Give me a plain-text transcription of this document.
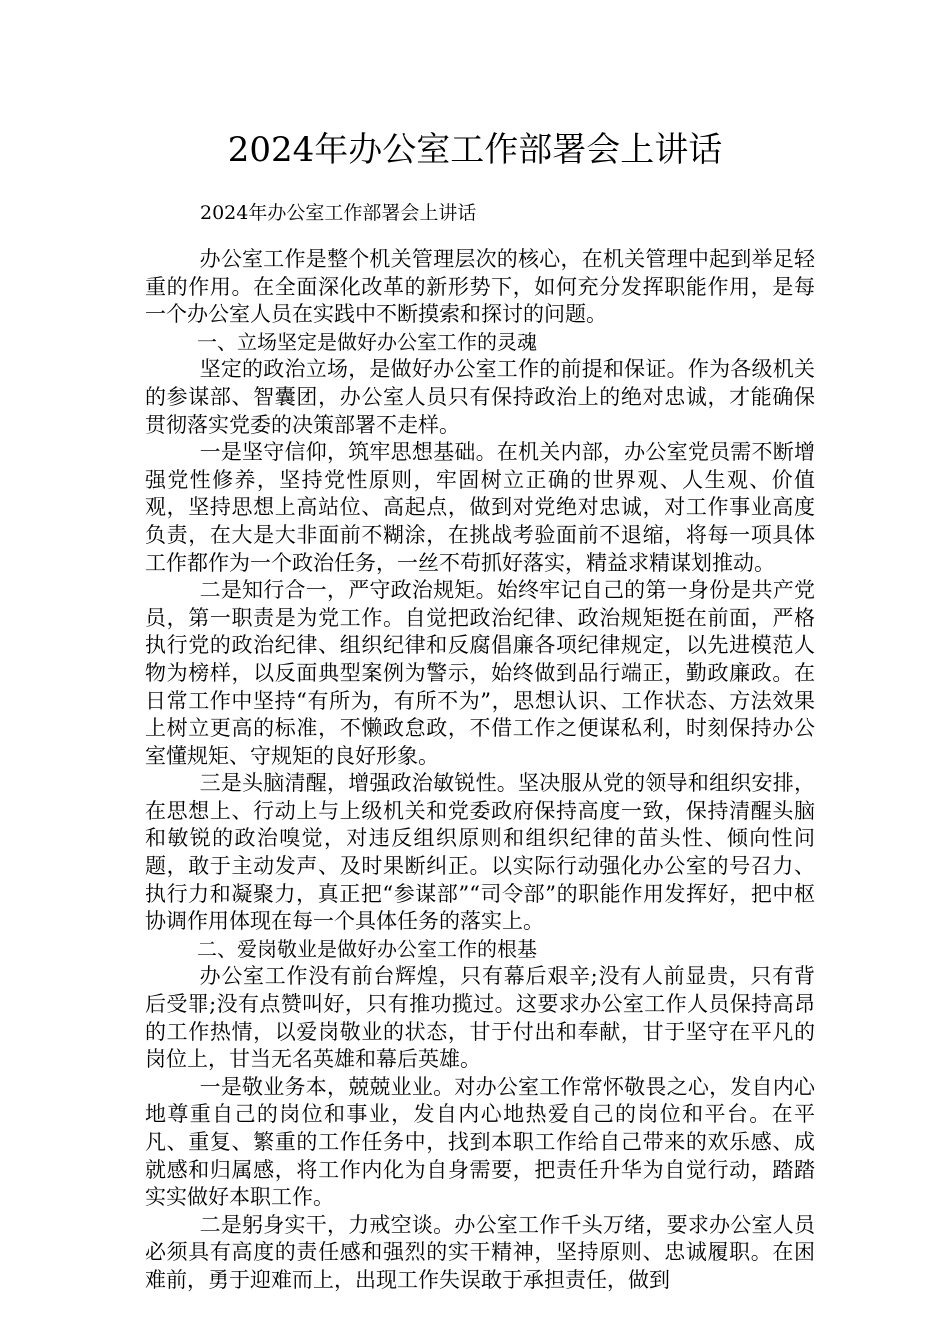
2024年办公室工作部署会上讲话

2024年办公室工作部署会上讲话

办公室工作是整个机关管理层次的核心，在机关管理中起到举足轻重的作用。在全面深化改革的新形势下，如何充分发挥职能作用，是每一个办公室人员在实践中不断摸索和探讨的问题。

一、立场坚定是做好办公室工作的灵魂

坚定的政治立场，是做好办公室工作的前提和保证。作为各级机关的参谋部、智囊团，办公室人员只有保持政治上的绝对忠诚，才能确保贯彻落实党委的决策部署不走样。

一是坚守信仰，筑牢思想基础。在机关内部，办公室党员需不断增强党性修养，坚持党性原则，牢固树立正确的世界观、人生观、价值观，坚持思想上高站位、高起点，做到对党绝对忠诚，对工作事业高度负责，在大是大非面前不糊涂，在挑战考验面前不退缩，将每一项具体工作都作为一个政治任务，一丝不苟抓好落实，精益求精谋划推动。

二是知行合一，严守政治规矩。始终牢记自己的第一身份是共产党员，第一职责是为党工作。自觉把政治纪律、政治规矩挺在前面，严格执行党的政治纪律、组织纪律和反腐倡廉各项纪律规定，以先进模范人物为榜样，以反面典型案例为警示，始终做到品行端正，勤政廉政。在日常工作中坚持“有所为，有所不为”，思想认识、工作状态、方法效果上树立更高的标准，不懒政怠政，不借工作之便谋私利，时刻保持办公室懂规矩、守规矩的良好形象。

三是头脑清醒，增强政治敏锐性。坚决服从党的领导和组织安排，在思想上、行动上与上级机关和党委政府保持高度一致，保持清醒头脑和敏锐的政治嗅觉，对违反组织原则和组织纪律的苗头性、倾向性问题，敢于主动发声、及时果断纠正。以实际行动强化办公室的号召力、执行力和凝聚力，真正把“参谋部”“司令部”的职能作用发挥好，把中枢协调作用体现在每一个具体任务的落实上。

二、爱岗敬业是做好办公室工作的根基

办公室工作没有前台辉煌，只有幕后艰辛;没有人前显贵，只有背后受罪;没有点赞叫好，只有推功揽过。这要求办公室工作人员保持高昂的工作热情，以爱岗敬业的状态，甘于付出和奉献，甘于坚守在平凡的岗位上，甘当无名英雄和幕后英雄。

一是敬业务本，兢兢业业。对办公室工作常怀敬畏之心，发自内心地尊重自己的岗位和事业，发自内心地热爱自己的岗位和平台。在平凡、重复、繁重的工作任务中，找到本职工作给自己带来的欢乐感、成就感和归属感，将工作内化为自身需要，把责任升华为自觉行动，踏踏实实做好本职工作。

二是躬身实干，力戒空谈。办公室工作千头万绪，要求办公室人员必须具有高度的责任感和强烈的实干精神，坚持原则、忠诚履职。在困难前，勇于迎难而上，出现工作失误敢于承担责任，做到
